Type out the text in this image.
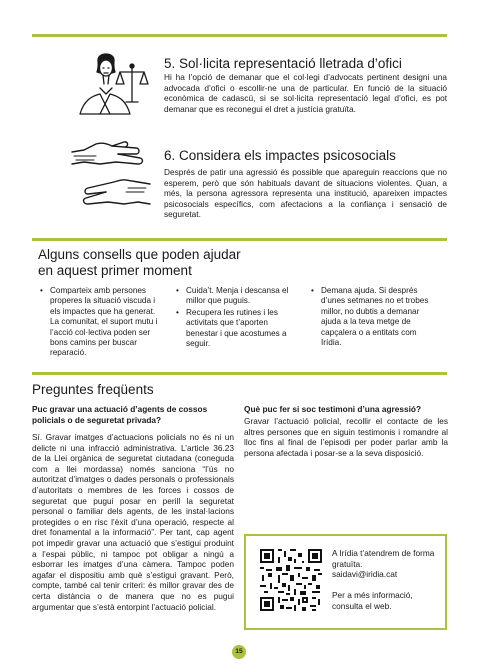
5. Sol·licita representació lletrada d’ofici

Hi ha l’opció de demanar que el col·legi d’advocats pertinent designi una advocada d’ofici o escollir-ne una de particular. En funció de la situació econòmica de cadascú, si se sol·licita representació legal d’ofici, es pot demanar que es reconegui el dret a justícia gratuïta.

6. Considera els impactes psicosocials

Després de patir una agressió és possible que apareguin reaccions que no esperem, però que són habituals davant de situacions violentes. Quan, a més, la persona agressora representa una institució, apareixen impactes psicosocials específics, com afectacions a la confiança i sensació de seguretat.

Alguns consells que poden ajudar
en aquest primer moment
• Comparteix amb persones properes la situació viscuda i els impactes que ha generat. La comunitat, el suport mutu i l’acció col·lectiva poden ser bons camins per buscar reparació.
• Cuida’t. Menja i descansa el millor que puguis.
• Recupera les rutines i les activitats que t’aporten benestar i que acostumes a seguir.
• Demana ajuda. Si després d’unes setmanes no et trobes millor, no dubtis a demanar ajuda a la teva metge de capçalera o a entitats com Irídia.
Preguntes freqüents

Puc gravar una actuació d’agents de cossos policials o de seguretat privada?

Sí. Gravar imatges d’actuacions policials no és ni un delicte ni una infracció administrativa. L’article 36.23 de la Llei orgànica de seguretat ciutadana (coneguda com a llei mordassa) només sanciona “l’ús no autoritzat d’imatges o dades personals o professionals d’autoritats o membres de les forces i cossos de seguretat que pugui posar en perill la seguretat personal o familiar dels agents, de les instal·lacions protegides o en risc l’èxit d’una operació, respecte al dret fonamental a la informació”. Per tant, cap agent pot impedir gravar una actuació que s’estigui produint a l’espai públic, ni tampoc pot obligar a ningú a esborrar les imatges d’una càmera. Tampoc poden agafar el dispositiu amb què s’estigui gravant. Però, compte, també cal tenir criteri: és millor gravar des de certa distància o de manera que no es pugui argumentar que s’està entorpint l’actuació policial.

Què puc fer si soc testimoni d’una agressió?

Gravar l’actuació policial, recollir el contacte de les altres persones que en siguin testimonis i romandre al lloc fins al final de l’episodi per poder parlar amb la persona afectada i posar-se a la seva disposició.

A Irídia t’atendrem de forma gratuïta.
saidavi@iridia.cat
Per a més informació, consulta el web.
15
